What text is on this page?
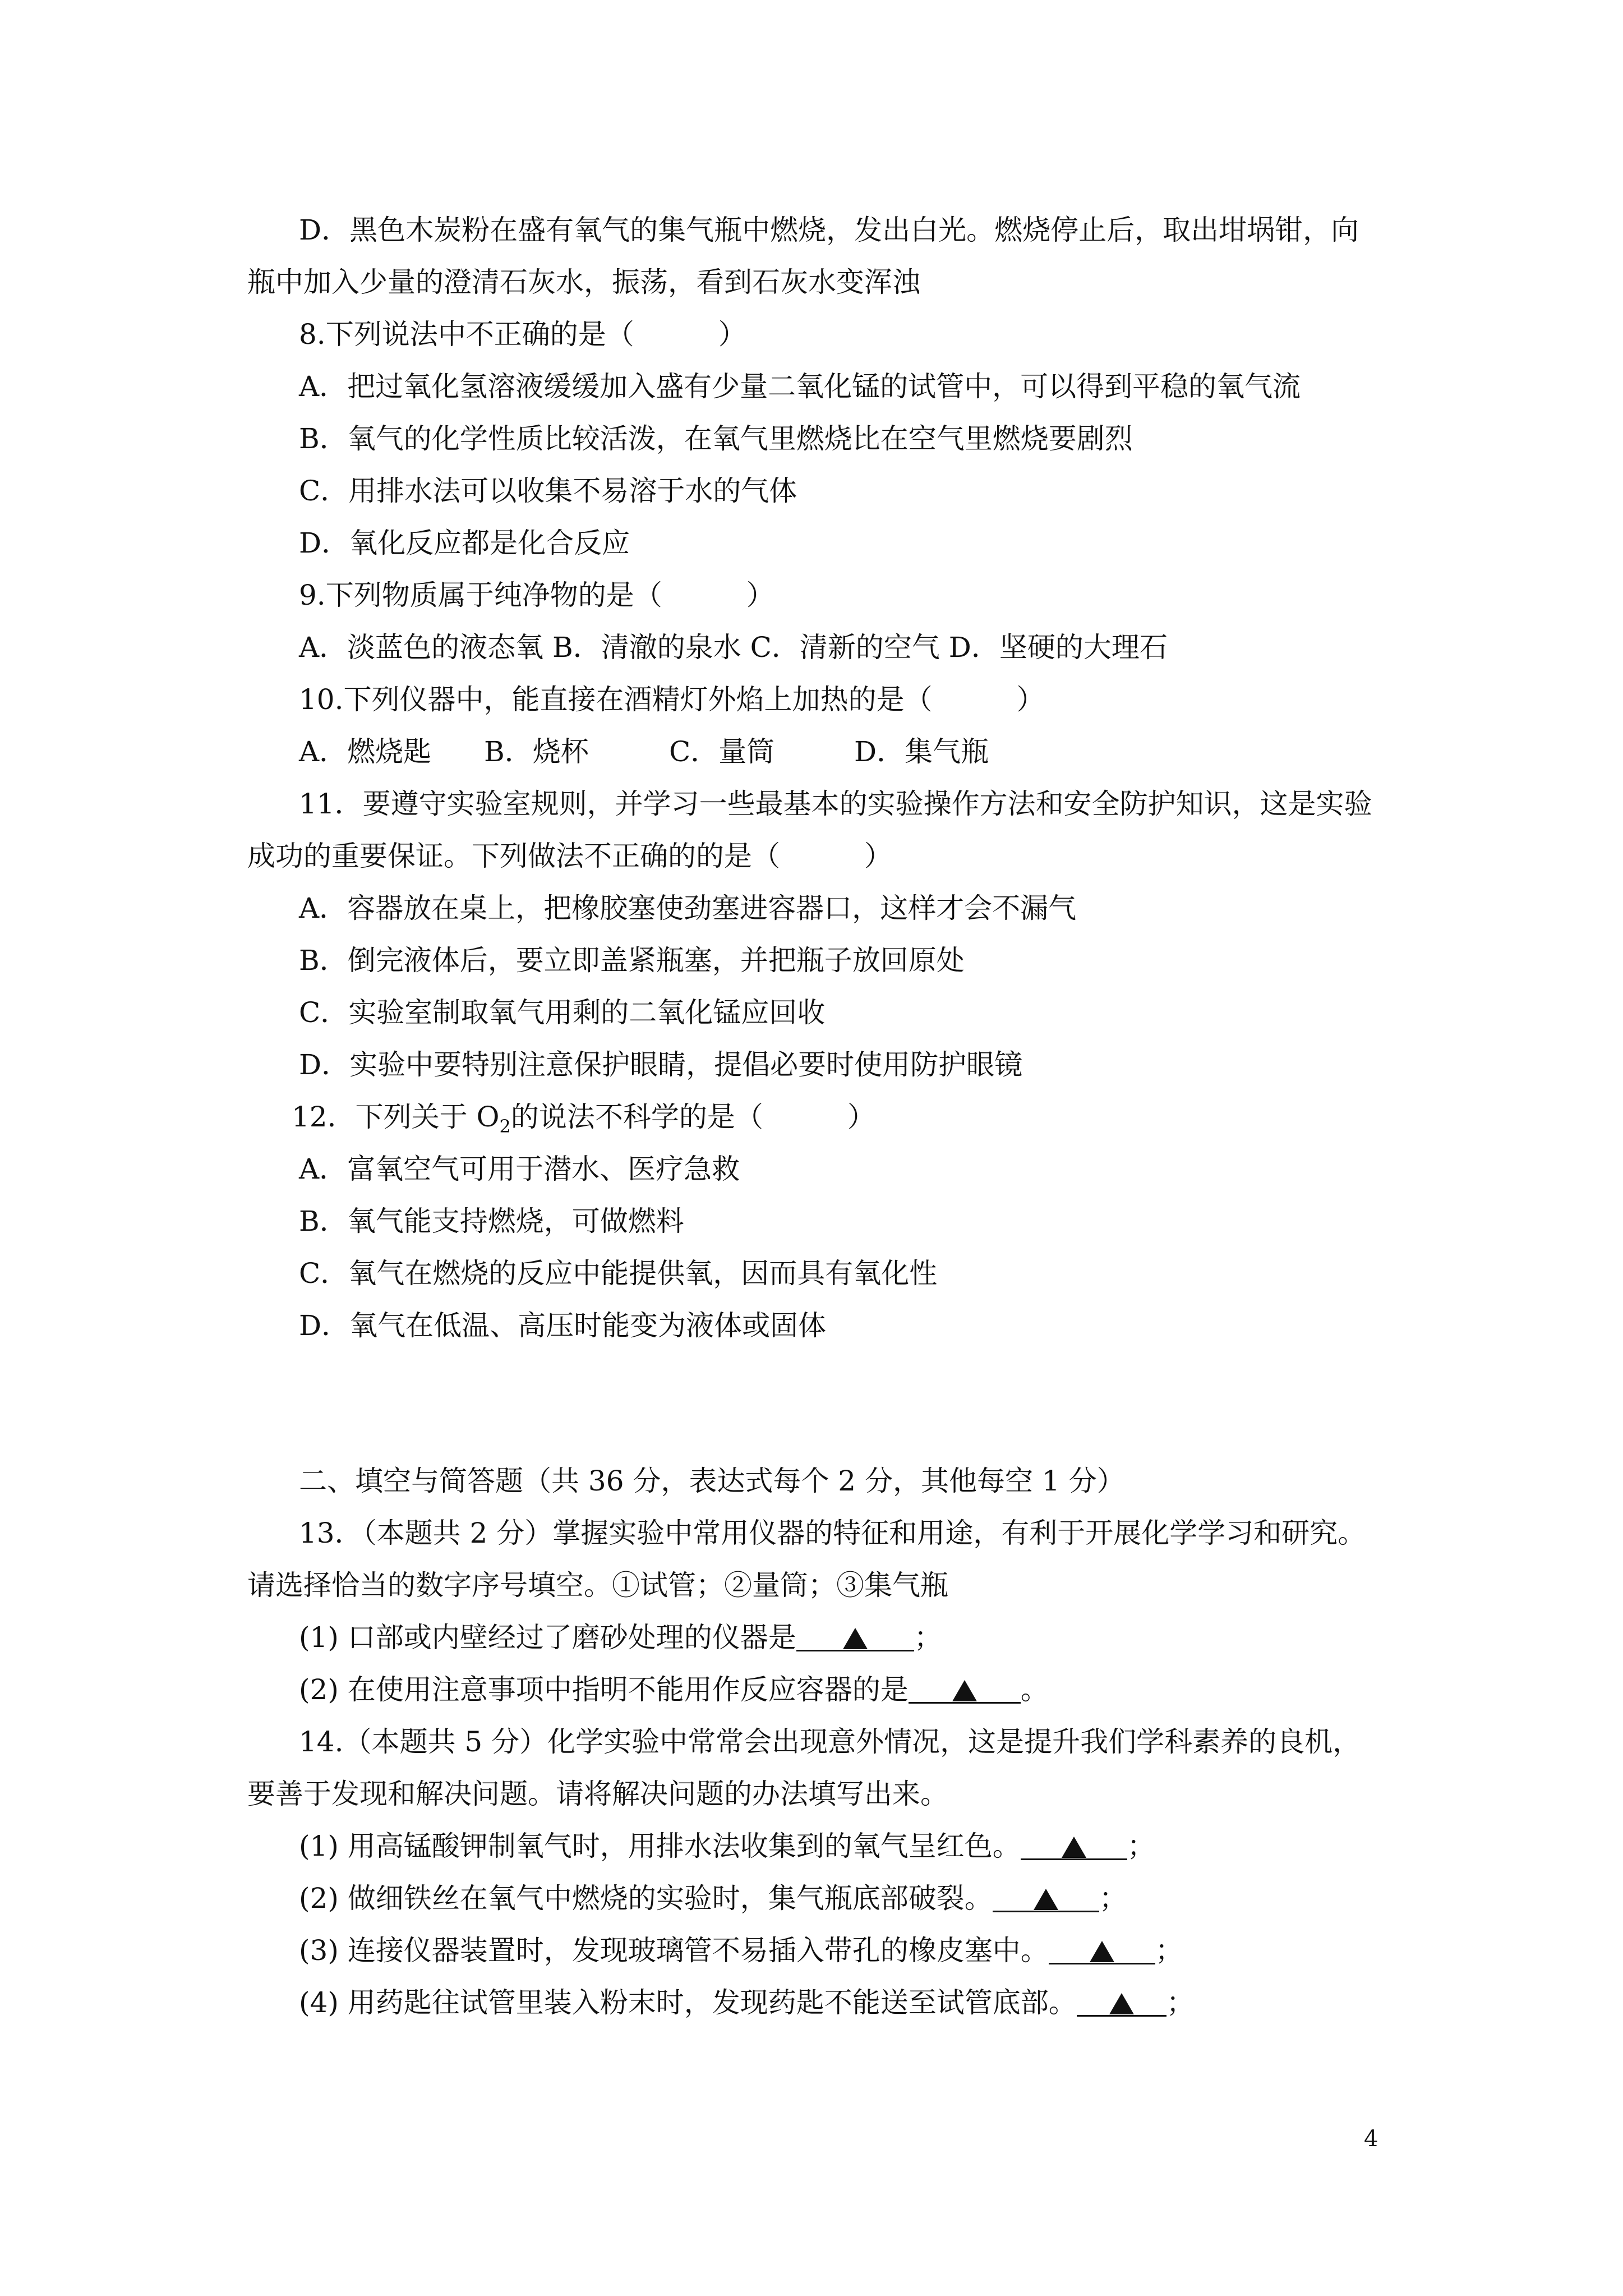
D．黑色木炭粉在盛有氧气的集气瓶中燃烧，发出白光。燃烧停止后，取出坩埚钳，向
瓶中加入少量的澄清石灰水，振荡，看到石灰水变浑浊
8.下列说法中不正确的是（　　　）
A．把过氧化氢溶液缓缓加入盛有少量二氧化锰的试管中，可以得到平稳的氧气流
B．氧气的化学性质比较活泼，在氧气里燃烧比在空气里燃烧要剧烈
C．用排水法可以收集不易溶于水的气体
D．氧化反应都是化合反应
9.下列物质属于纯净物的是（　　　）
A．淡蓝色的液态氧 B．清澈的泉水 C．清新的空气 D．坚硬的大理石
10.下列仪器中，能直接在酒精灯外焰上加热的是（　　　）
A．燃烧匙 B．烧杯	C．量筒	D．集气瓶
11．要遵守实验室规则，并学习一些最基本的实验操作方法和安全防护知识，这是实验
成功的重要保证。下列做法不正确的的是（　　　）
A．容器放在桌上，把橡胶塞使劲塞进容器口，这样才会不漏气
B．倒完液体后，要立即盖紧瓶塞，并把瓶子放回原处
C．实验室制取氧气用剩的二氧化锰应回收
D．实验中要特别注意保护眼睛，提倡必要时使用防护眼镜
12．下列关于 $O_2$的说法不科学的是（　　　）
A．富氧空气可用于潜水、医疗急救
B．氧气能支持燃烧，可做燃料
C．氧气在燃烧的反应中能提供氧，因而具有氧化性
D．氧气在低温、高压时能变为液体或固体
二、填空与简答题（共 36 分，表达式每个 2 分，其他每空 1 分）
13．（本题共 2 分）掌握实验中常用仪器的特征和用途，有利于开展化学学习和研究。
请选择恰当的数字序号填空。①试管；②量筒；③集气瓶
(1) 口部或内壁经过了磨砂处理的仪器是	；
(2) 在使用注意事项中指明不能用作反应容器的是	。
14.（本题共 5 分）化学实验中常常会出现意外情况，这是提升我们学科素养的良机，
要善于发现和解决问题。请将解决问题的办法填写出来。
(1) 用高锰酸钾制氧气时，用排水法收集到的氧气呈红色。	；
(2) 做细铁丝在氧气中燃烧的实验时，集气瓶底部破裂。	；
(3) 连接仪器装置时，发现玻璃管不易插入带孔的橡皮塞中。	；
(4) 用药匙往试管里装入粉末时，发现药匙不能送至试管底部。	；
4
